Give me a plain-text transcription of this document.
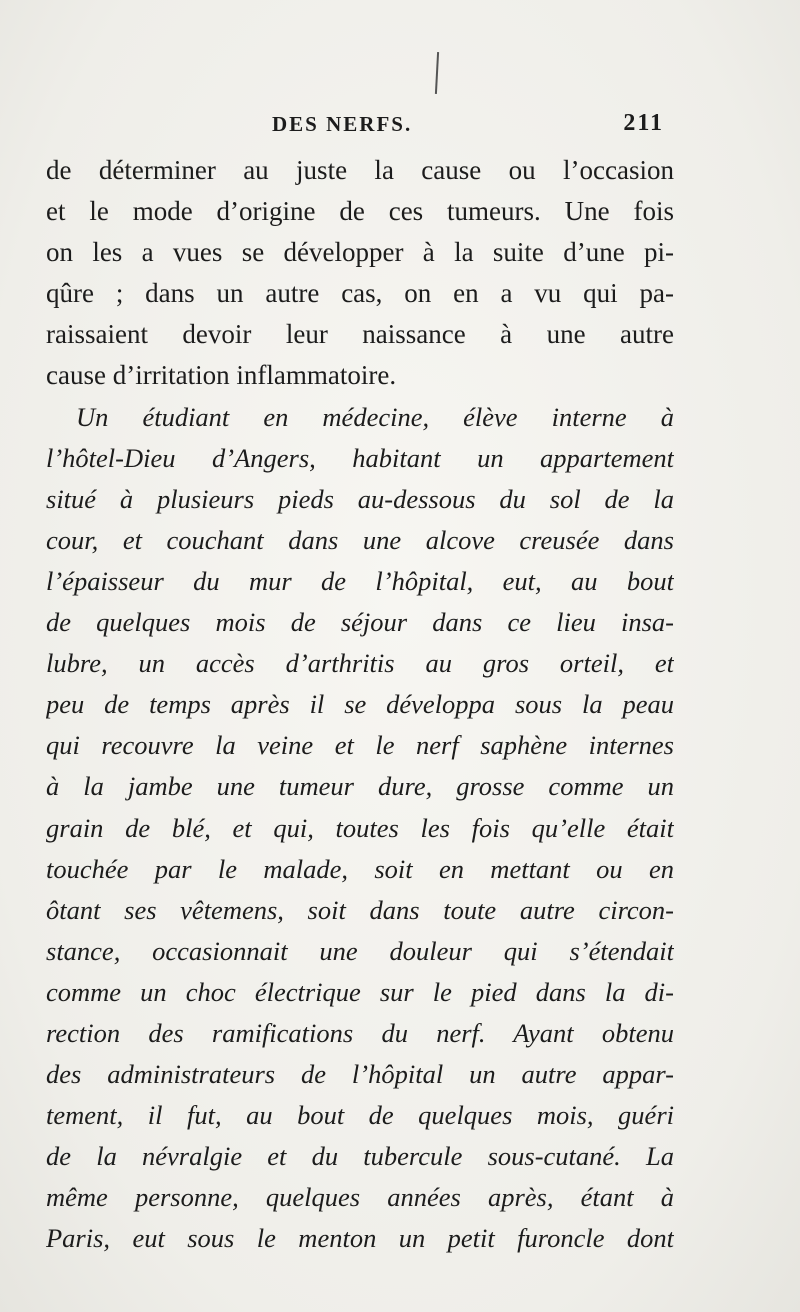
DES NERFS.	211
de déterminer au juste la cause ou l’occasion
et le mode d’origine de ces tumeurs. Une fois
on les a vues se développer à la suite d’une pi-
qûre ; dans un autre cas, on en a vu qui pa-
raissaient devoir leur naissance à une autre
cause d’irritation inflammatoire.
Un étudiant en médecine, élève interne à
l’hôtel-Dieu d’Angers, habitant un appartement
situé à plusieurs pieds au-dessous du sol de la
cour, et couchant dans une alcove creusée dans
l’épaisseur du mur de l’hôpital, eut, au bout
de quelques mois de séjour dans ce lieu insa-
lubre, un accès d’arthritis au gros orteil, et
peu de temps après il se développa sous la peau
qui recouvre la veine et le nerf saphène internes
à la jambe une tumeur dure, grosse comme un
grain de blé, et qui, toutes les fois qu’elle était
touchée par le malade, soit en mettant ou en
ôtant ses vêtemens, soit dans toute autre circon-
stance, occasionnait une douleur qui s’étendait
comme un choc électrique sur le pied dans la di-
rection des ramifications du nerf. Ayant obtenu
des administrateurs de l’hôpital un autre appar-
tement, il fut, au bout de quelques mois, guéri
de la névralgie et du tubercule sous-cutané. La
même personne, quelques années après, étant à
Paris, eut sous le menton un petit furoncle dont
